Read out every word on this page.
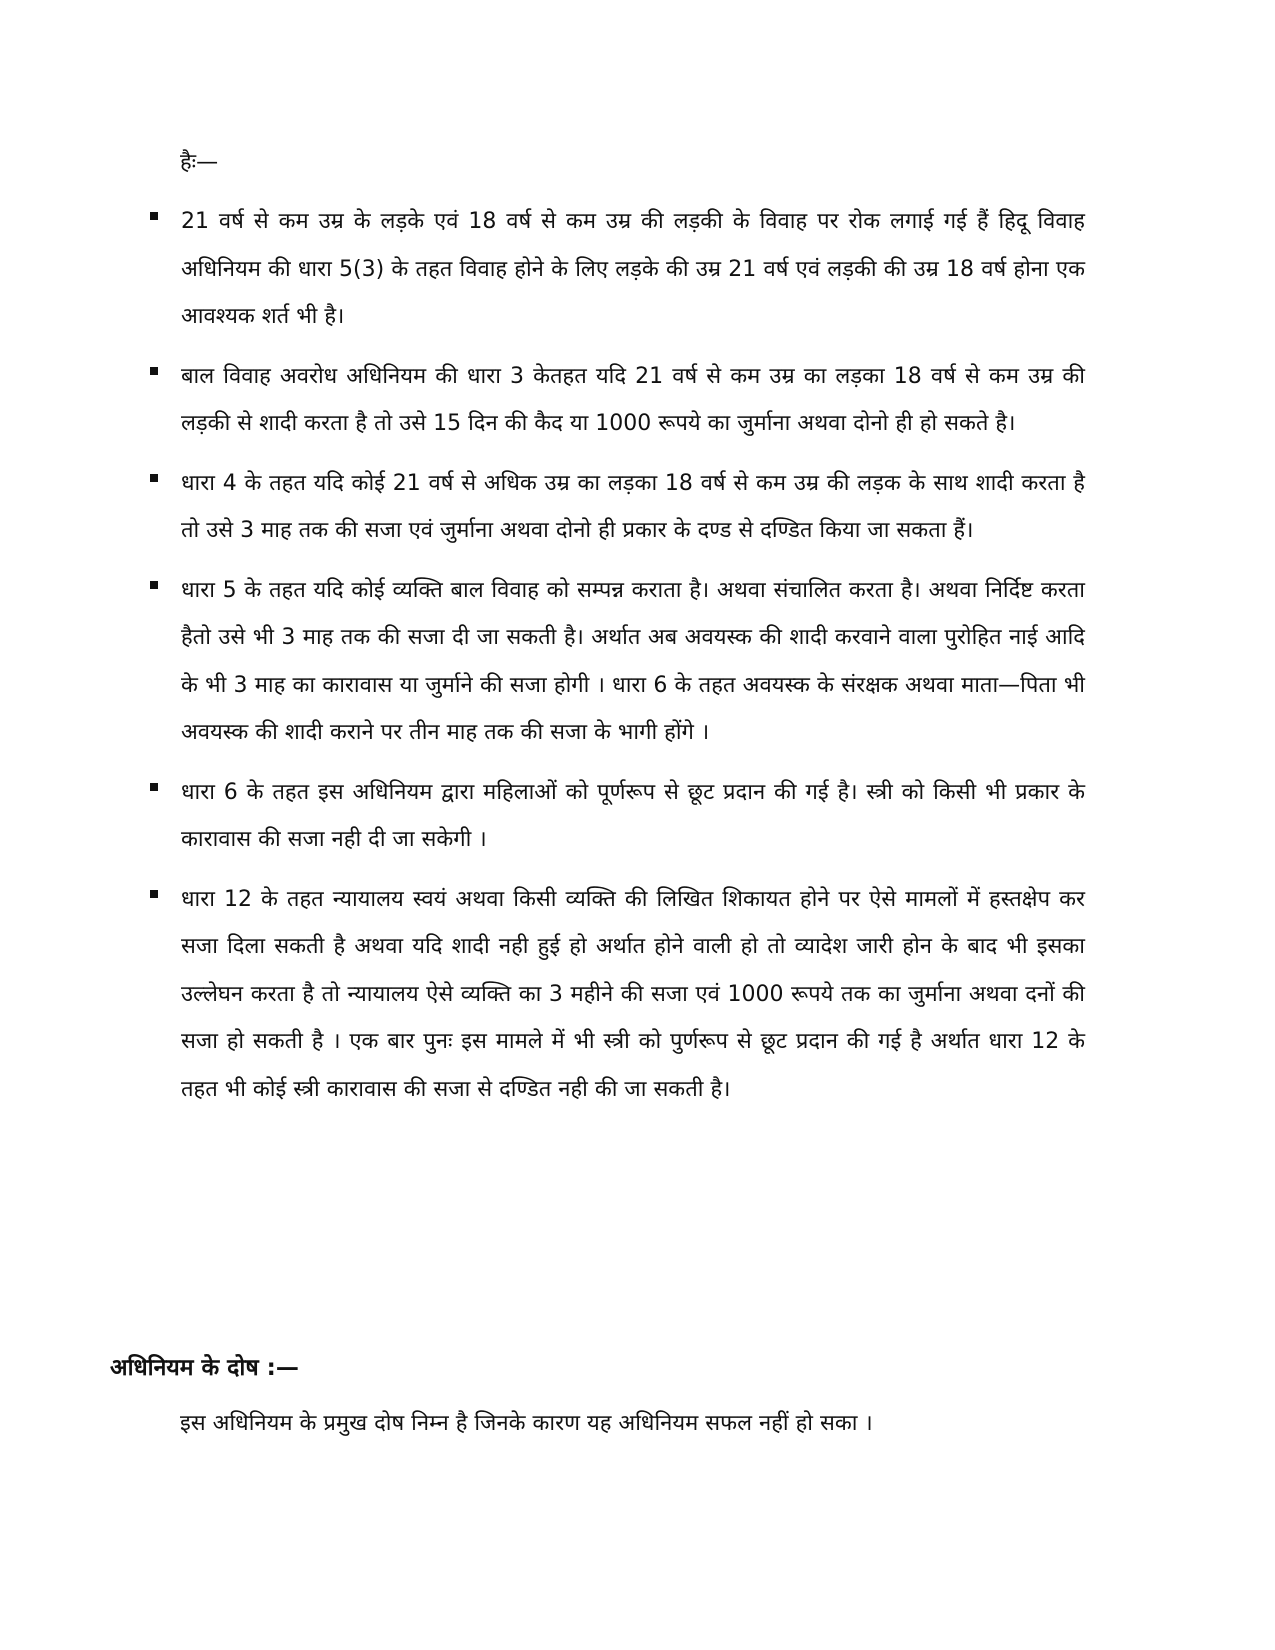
हैः—
21 वर्ष से कम उम्र के लड़के एवं 18 वर्ष से कम उम्र की लड़की के विवाह पर रोक लगाई गई हैं हिदू विवाह अधिनियम की धारा 5(3) के तहत विवाह होने के लिए लड़के की उम्र 21 वर्ष एवं लड़की की उम्र 18 वर्ष होना एक आवश्यक शर्त भी है।
बाल विवाह अवरोध अधिनियम की धारा 3 केतहत यदि 21 वर्ष से कम उम्र का लड़का 18 वर्ष से कम उम्र की लड़की से शादी करता है तो उसे 15 दिन की कैद या 1000 रूपये का जुर्माना अथवा दोनो ही हो सकते है।
धारा 4 के तहत यदि कोई 21 वर्ष से अधिक उम्र का लड़का 18 वर्ष से कम उम्र की लड़क के साथ शादी करता है तो उसे 3 माह तक की सजा एवं जुर्माना अथवा दोनो ही प्रकार के दण्ड से दण्डित किया जा सकता हैं।
धारा 5 के तहत यदि कोई व्यक्ति बाल विवाह को सम्पन्न कराता है। अथवा संचालित करता है। अथवा निर्दिष्ट करता हैतो उसे भी 3 माह तक की सजा दी जा सकती है। अर्थात अब अवयस्क की शादी करवाने वाला पुरोहित नाई आदि के भी 3 माह का कारावास या जुर्माने की सजा होगी । धारा 6 के तहत अवयस्क के संरक्षक अथवा माता—पिता भी अवयस्क की शादी कराने पर तीन माह तक की सजा के भागी होंगे ।
धारा 6 के तहत इस अधिनियम द्वारा महिलाओं को पूर्णरूप से छूट प्रदान की गई है। स्त्री को किसी भी प्रकार के कारावास की सजा नही दी जा सकेगी ।
धारा 12 के तहत न्यायालय स्वयं अथवा किसी व्यक्ति की लिखित शिकायत होने पर ऐसे मामलों में हस्तक्षेप कर सजा दिला सकती है अथवा यदि शादी नही हुई हो अर्थात होने वाली हो तो व्यादेश जारी होन के बाद भी इसका उल्लेघन करता है तो न्यायालय ऐसे व्यक्ति का 3 महीने की सजा एवं 1000 रूपये तक का जुर्माना अथवा दनों की सजा हो सकती है । एक बार पुनः इस मामले में भी स्त्री को पुर्णरूप से छूट प्रदान की गई है अर्थात धारा 12 के तहत भी कोई स्त्री कारावास की सजा से दण्डित नही की जा सकती है।
अधिनियम के दोष :—
इस अधिनियम के प्रमुख दोष निम्न है जिनके कारण यह अधिनियम सफल नहीं हो सका ।
